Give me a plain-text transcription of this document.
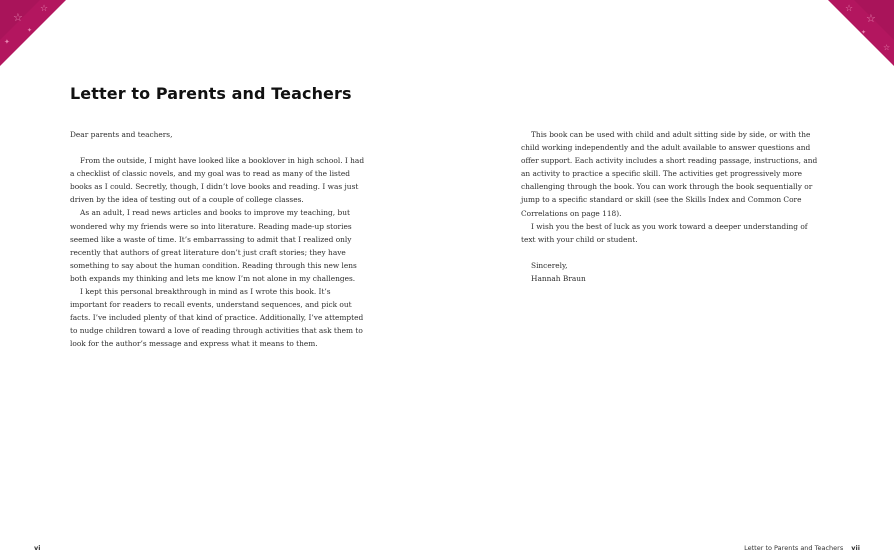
☆
☆
✦
✦
☆
☆
☆
✦
Letter to Parents and Teachers

Dear parents and teachers,

From the outside, I might have looked like a booklover in high school. I had a checklist of classic novels, and my goal was to read as many of the listed books as I could. Secretly, though, I didn’t love books and reading. I was just driven by the idea of testing out of a couple of college classes.

As an adult, I read news articles and books to improve my teaching, but wondered why my friends were so into literature. Reading made-up stories seemed like a waste of time. It’s embarrassing to admit that I realized only recently that authors of great literature don’t just craft stories; they have something to say about the human condition. Reading through this new lens both expands my thinking and lets me know I’m not alone in my challenges.

I kept this personal breakthrough in mind as I wrote this book. It’s important for readers to recall events, understand sequences, and pick out facts. I’ve included plenty of that kind of practice. Additionally, I’ve attempted to nudge children toward a love of reading through activities that ask them to look for the author’s message and express what it means to them.

This book can be used with child and adult sitting side by side, or with the child working independently and the adult available to answer questions and offer support. Each activity includes a short reading passage, instructions, and an activity to practice a specific skill. The activities get progressively more challenging through the book. You can work through the book sequentially or jump to a specific standard or skill (see the Skills Index and Common Core Correlations on page 118).

I wish you the best of luck as you work toward a deeper understanding of text with your child or student.

Sincerely,
Hannah Braun
vi	Letter to Parents and Teachers vii
